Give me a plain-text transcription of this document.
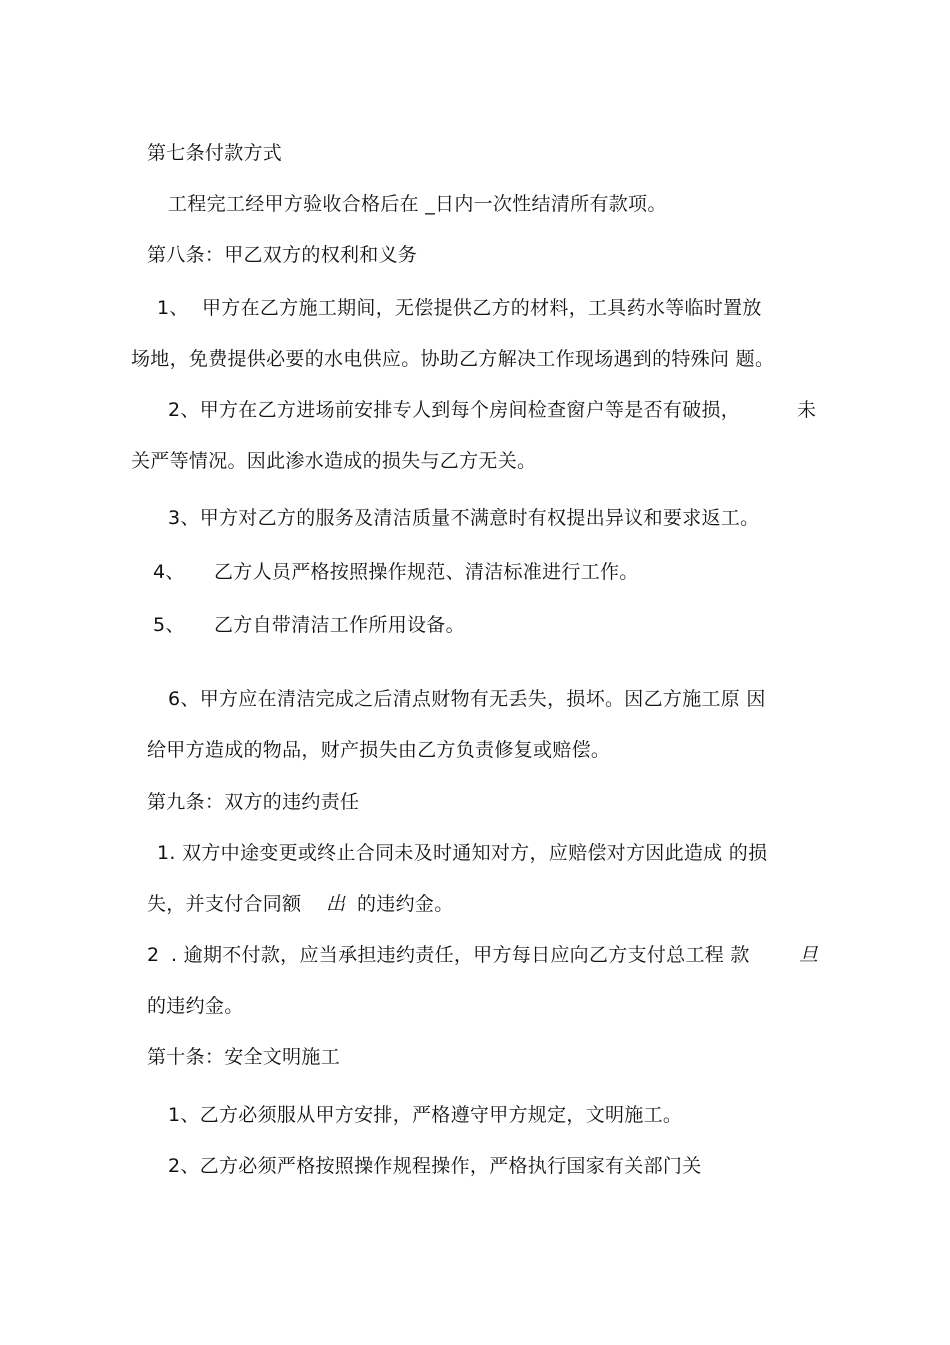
第七条付款方式
工程完工经甲方验收合格后在 _日内一次性结清所有款项。
第八条：甲乙双方的权利和义务
1、 甲方在乙方施工期间，无偿提供乙方的材料，工具药水等临时置放
场地，免费提供必要的水电供应。协助乙方解决工作现场遇到的特殊问 题。
2、甲方在乙方进场前安排专人到每个房间检查窗户等是否有破损，	未
关严等情况。因此渗水造成的损失与乙方无关。
3、甲方对乙方的服务及清洁质量不满意时有权提出异议和要求返工。
4、 乙方人员严格按照操作规范、清洁标准进行工作。
5、 乙方自带清洁工作所用设备。
6、甲方应在清洁完成之后清点财物有无丢失，损坏。因乙方施工原 因
给甲方造成的物品，财产损失由乙方负责修复或赔偿。
第九条：双方的违约责任
1. 双方中途变更或终止合同未及时通知对方，应赔偿对方因此造成 的损
失，并支付合同额 出 的违约金。
2 . 逾期不付款，应当承担违约责任，甲方每日应向乙方支付总工程 款	旦
的违约金。
第十条：安全文明施工
1、乙方必须服从甲方安排，严格遵守甲方规定，文明施工。
2、乙方必须严格按照操作规程操作，严格执行国家有关部门关
